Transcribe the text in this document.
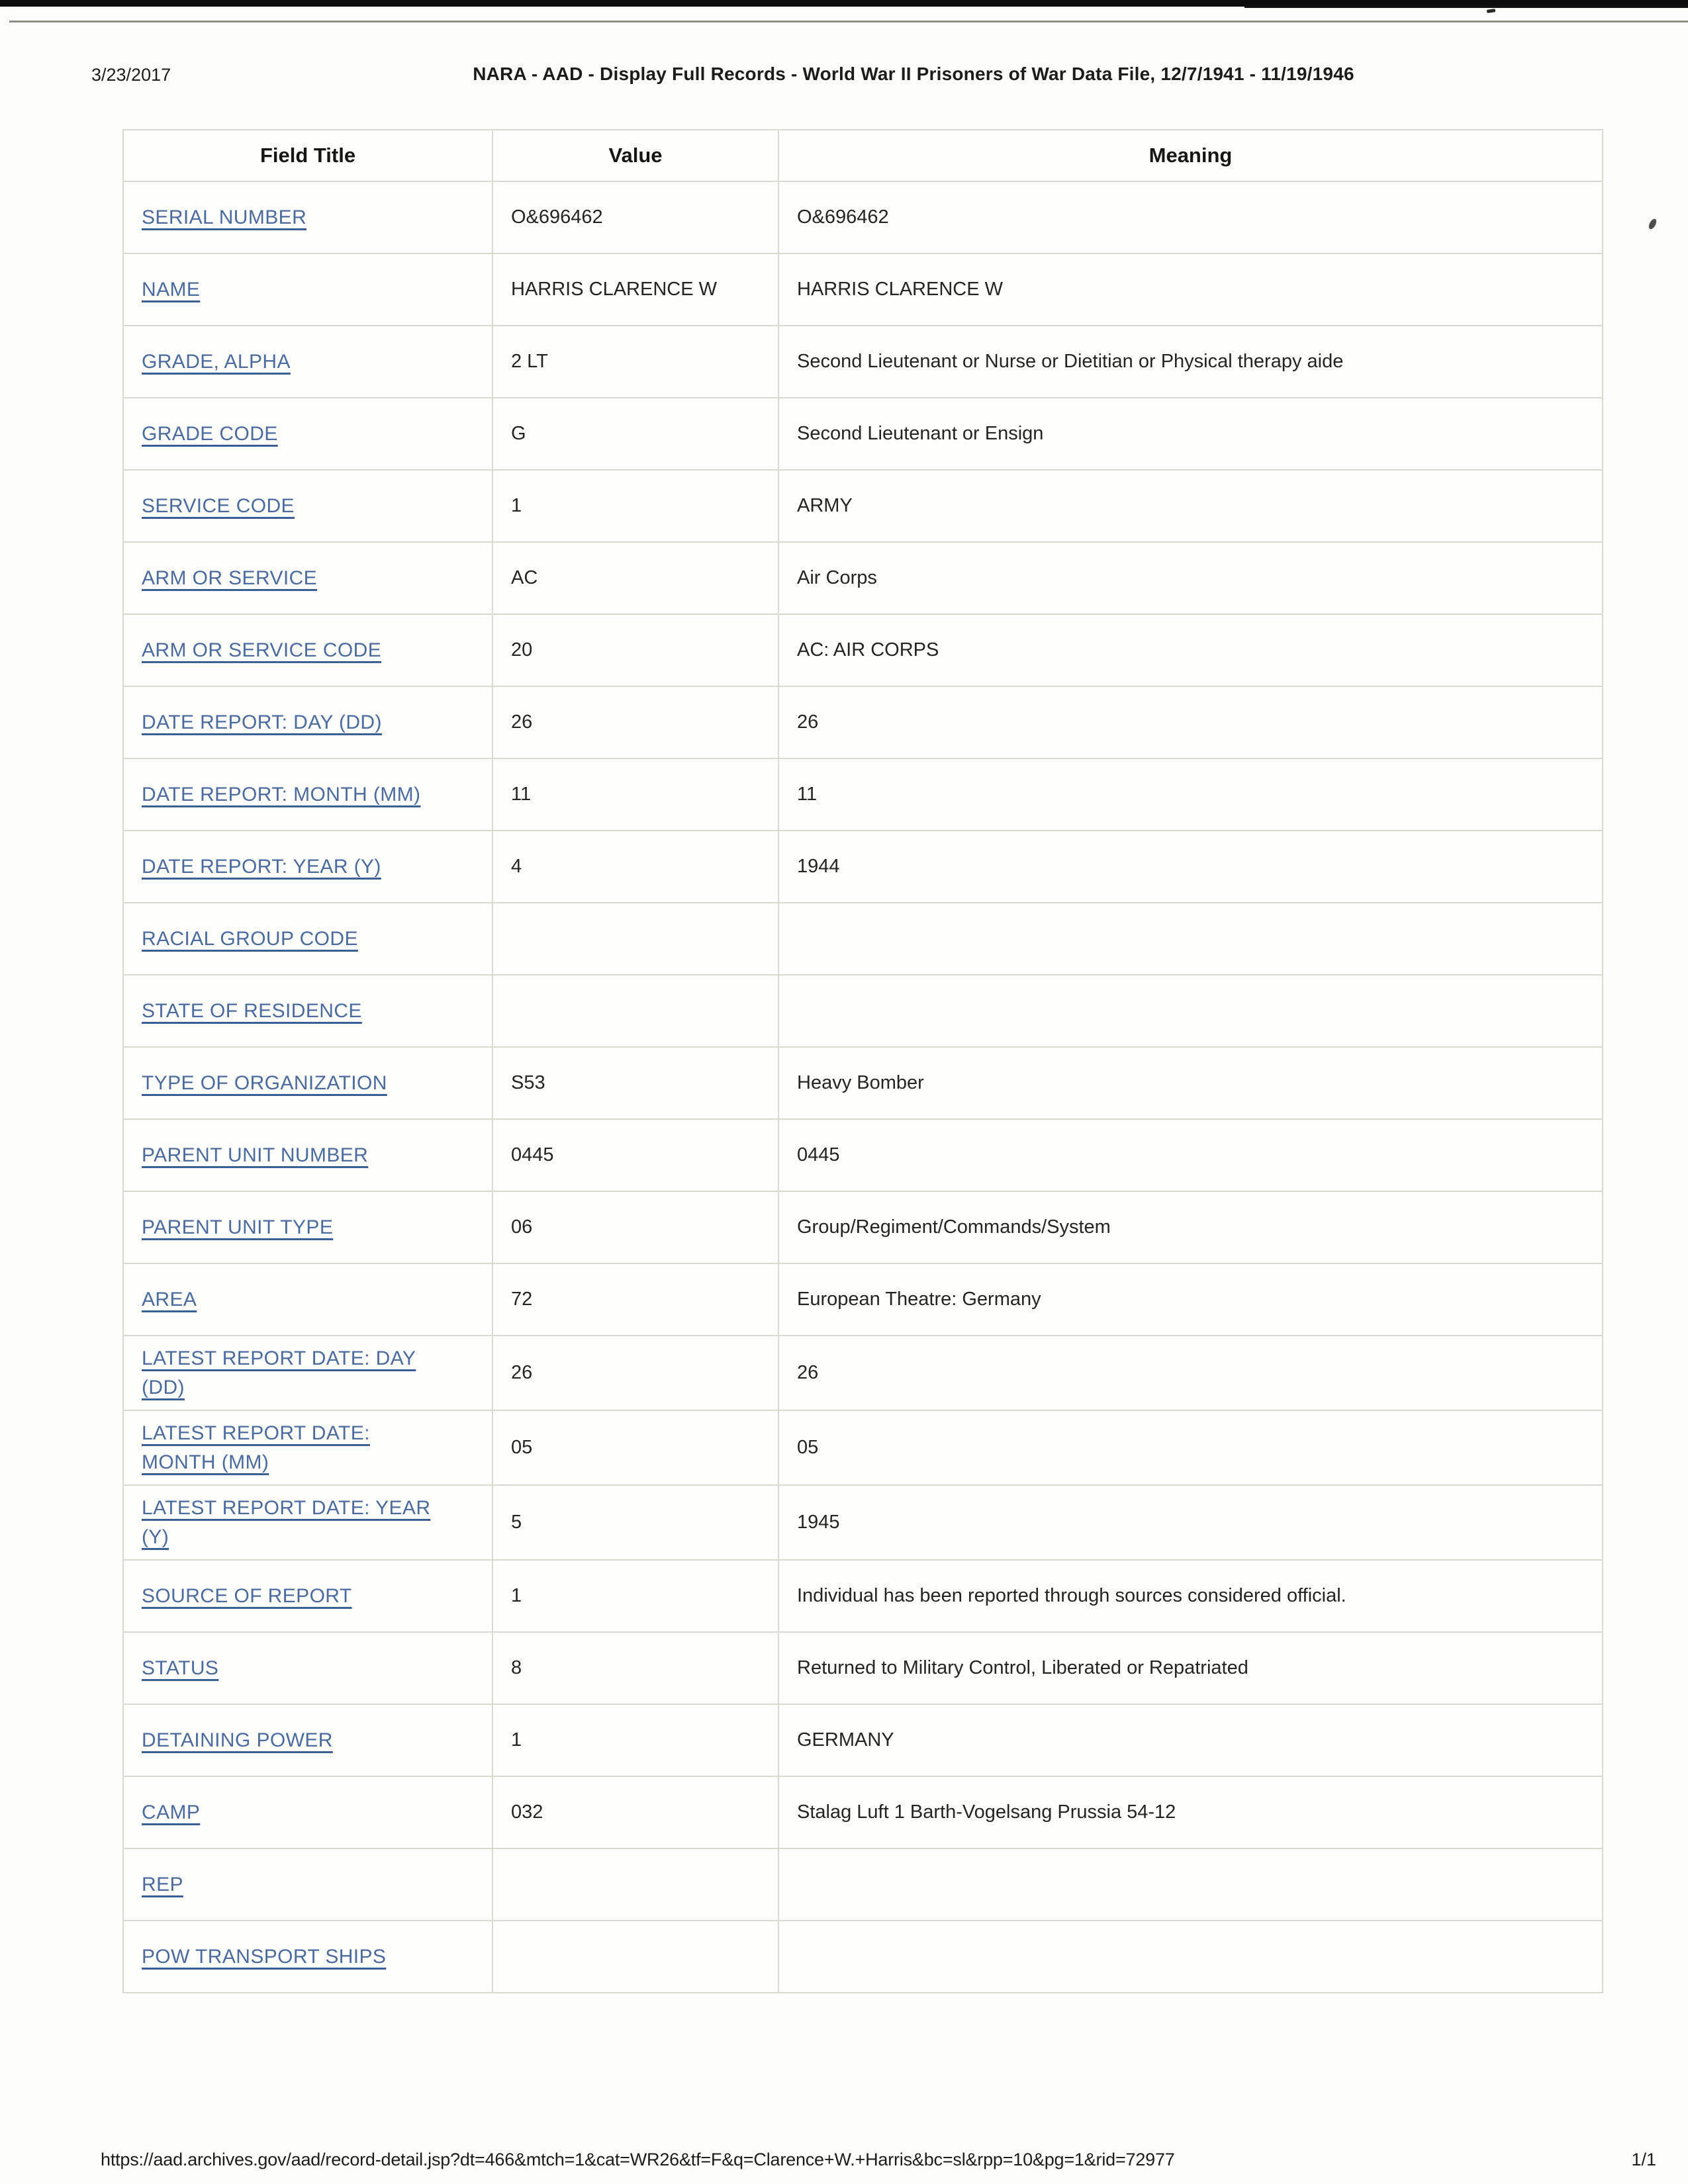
3/23/2017	NARA - AAD - Display Full Records - World War II Prisoners of War Data File, 12/7/1941 - 11/19/1946
Field Title	Value	Meaning
SERIAL NUMBER	O&696462	O&696462
NAME	HARRIS CLARENCE W	HARRIS CLARENCE W
GRADE, ALPHA	2 LT	Second Lieutenant or Nurse or Dietitian or Physical therapy aide
GRADE CODE	G	Second Lieutenant or Ensign
SERVICE CODE	1	ARMY
ARM OR SERVICE	AC	Air Corps
ARM OR SERVICE CODE	20	AC: AIR CORPS
DATE REPORT: DAY (DD)	26	26
DATE REPORT: MONTH (MM)	11	11
DATE REPORT: YEAR (Y)	4	1944
RACIAL GROUP CODE		
STATE OF RESIDENCE		
TYPE OF ORGANIZATION	S53	Heavy Bomber
PARENT UNIT NUMBER	0445	0445
PARENT UNIT TYPE	06	Group/Regiment/Commands/System
AREA	72	European Theatre: Germany
LATEST REPORT DATE: DAY (DD)	26	26
LATEST REPORT DATE: MONTH (MM)	05	05
LATEST REPORT DATE: YEAR (Y)	5	1945
SOURCE OF REPORT	1	Individual has been reported through sources considered official.
STATUS	8	Returned to Military Control, Liberated or Repatriated
DETAINING POWER	1	GERMANY
CAMP	032	Stalag Luft 1 Barth-Vogelsang Prussia 54-12
REP		
POW TRANSPORT SHIPS		
https://aad.archives.gov/aad/record-detail.jsp?dt=466&mtch=1&cat=WR26&tf=F&q=Clarence+W.+Harris&bc=sl&rpp=10&pg=1&rid=72977	1/1
